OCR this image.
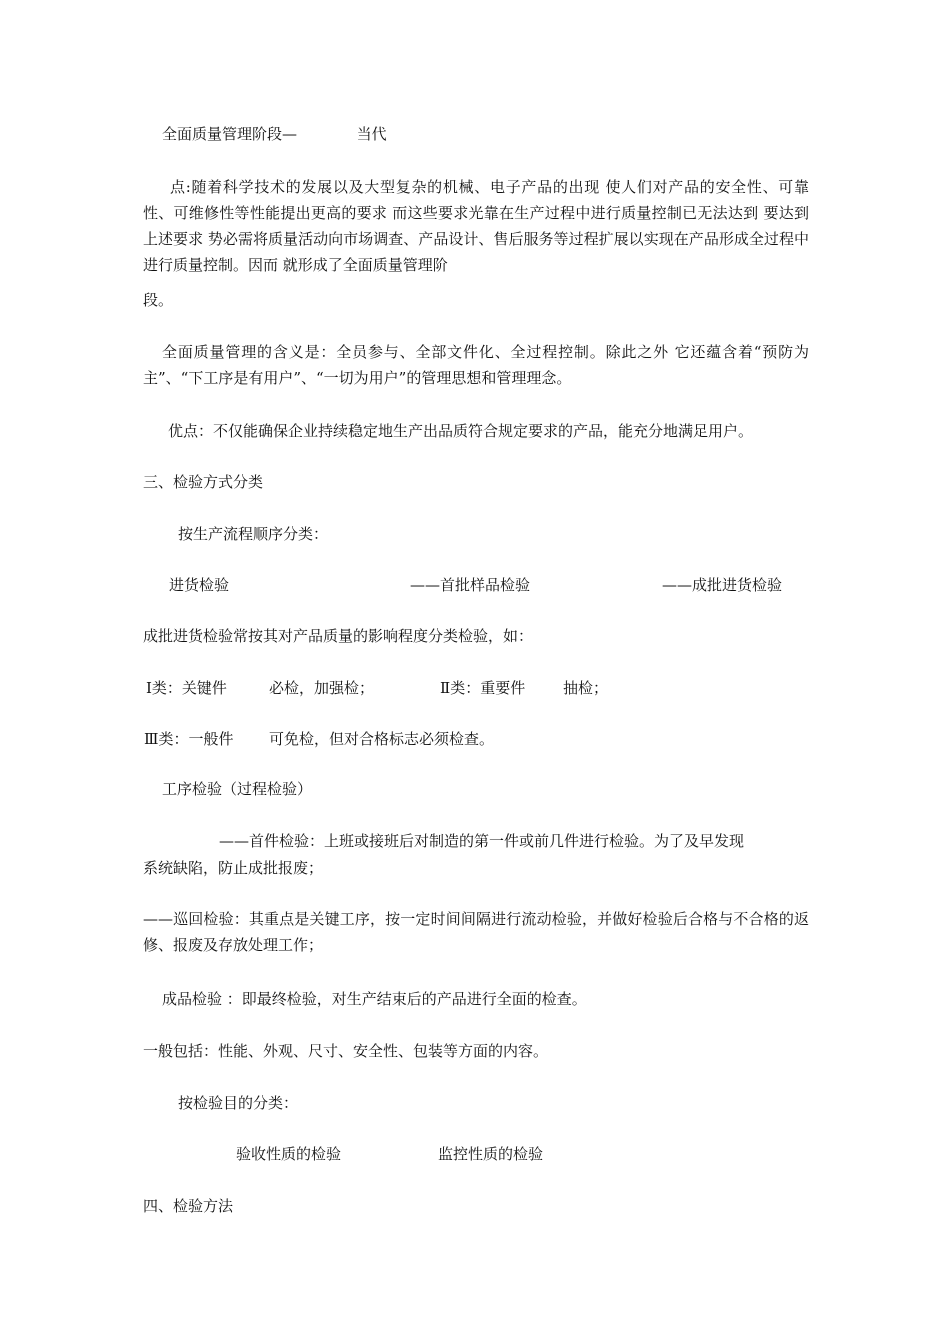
全面质量管理阶段—	当代
点:随着科学技术的发展以及大型复杂的机械、电子产品的出现 使人们对产品的安全性、可靠性、可维修性等性能提出更高的要求 而这些要求光靠在生产过程中进行质量控制已无法达到 要达到上述要求 势必需将质量活动向市场调查、产品设计、售后服务等过程扩展以实现在产品形成全过程中进行质量控制。因而 就形成了全面质量管理阶
段。
全面质量管理的含义是：全员参与、全部文件化、全过程控制。除此之外 它还蕴含着“预防为主”、“下工序是有用户”、“一切为用户”的管理思想和管理理念。
优点：不仅能确保企业持续稳定地生产出品质符合规定要求的产品，能充分地满足用户。
三、检验方式分类
按生产流程顺序分类：
进货检验	——首批样品检验	——成批进货检验
成批进货检验常按其对产品质量的影响程度分类检验，如：
Ⅰ类：关键件	必检，加强检；	Ⅱ类：重要件	抽检；
Ⅲ类：一般件 可免检，但对合格标志必须检查。
工序检验（过程检验）
——首件检验：上班或接班后对制造的第一件或前几件进行检验。为了及早发现
系统缺陷，防止成批报废；
——巡回检验：其重点是关键工序，按一定时间间隔进行流动检验，并做好检验后合格与不合格的返修、报废及存放处理工作；
成品检验 ：即最终检验，对生产结束后的产品进行全面的检查。
一般包括：性能、外观、尺寸、安全性、包装等方面的内容。
按检验目的分类：
验收性质的检验	监控性质的检验
四、检验方法
